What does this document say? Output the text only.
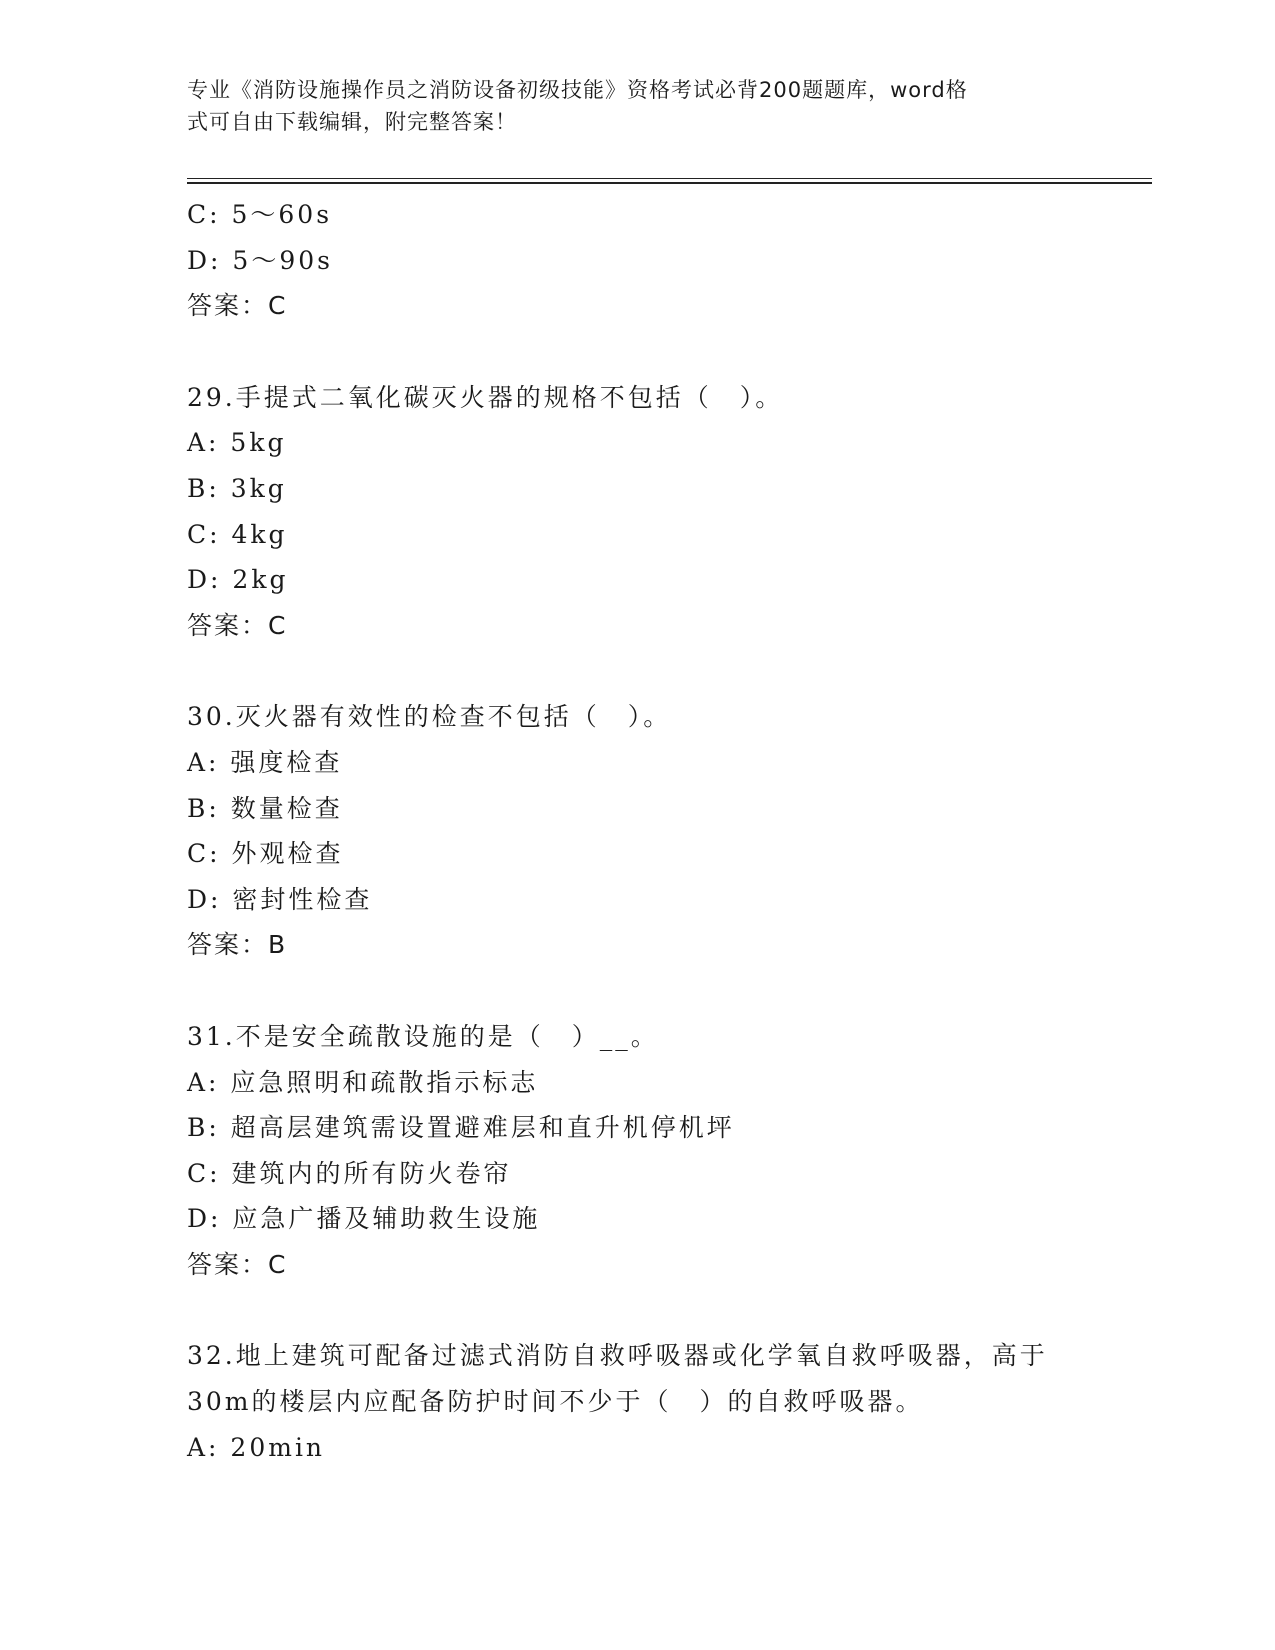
专业《消防设施操作员之消防设备初级技能》资格考试必背200题题库，word格
式可自由下载编辑，附完整答案！
C: 5～60s
D: 5～90s
答案：C
29.手提式二氧化碳灭火器的规格不包括（　）。
A: 5kg
B: 3kg
C: 4kg
D: 2kg
答案：C
30.灭火器有效性的检查不包括（　）。
A: 强度检查
B: 数量检查
C: 外观检查
D: 密封性检查
答案：B
31.不是安全疏散设施的是（　）__。
A: 应急照明和疏散指示标志
B: 超高层建筑需设置避难层和直升机停机坪
C: 建筑内的所有防火卷帘
D: 应急广播及辅助救生设施
答案：C
32.地上建筑可配备过滤式消防自救呼吸器或化学氧自救呼吸器，高于
30m的楼层内应配备防护时间不少于（　）的自救呼吸器。
A: 20min
